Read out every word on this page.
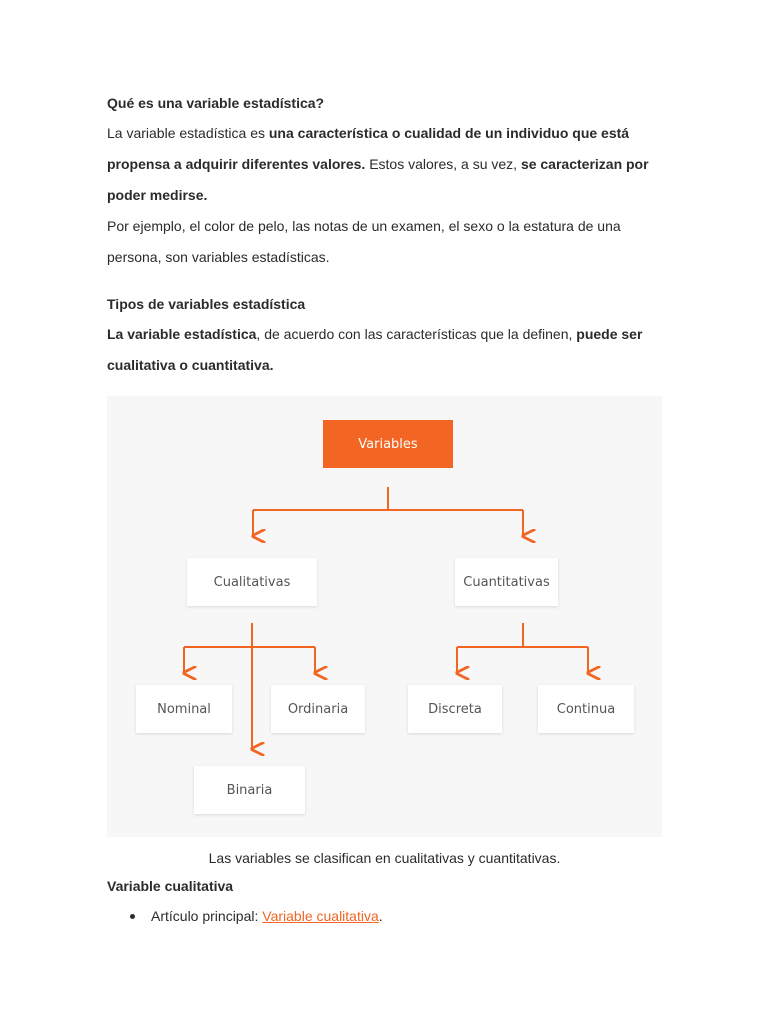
Qué es una variable estadística?

La variable estadística es una característica o cualidad de un individuo que está propensa a adquirir diferentes valores. Estos valores, a su vez, se caracterizan por poder medirse.

Por ejemplo, el color de pelo, las notas de un examen, el sexo o la estatura de una persona, son variables estadísticas.

Tipos de variables estadística

La variable estadística, de acuerdo con las características que la definen, puede ser cualitativa o cuantitativa.

Variables
Cualitativas	Cuantitativas
Nominal	Ordinaria
Binaria
Discreta	Continua
Las variables se clasifican en cualitativas y cuantitativas.
Variable cualitativa
Artículo principal: Variable cualitativa.
